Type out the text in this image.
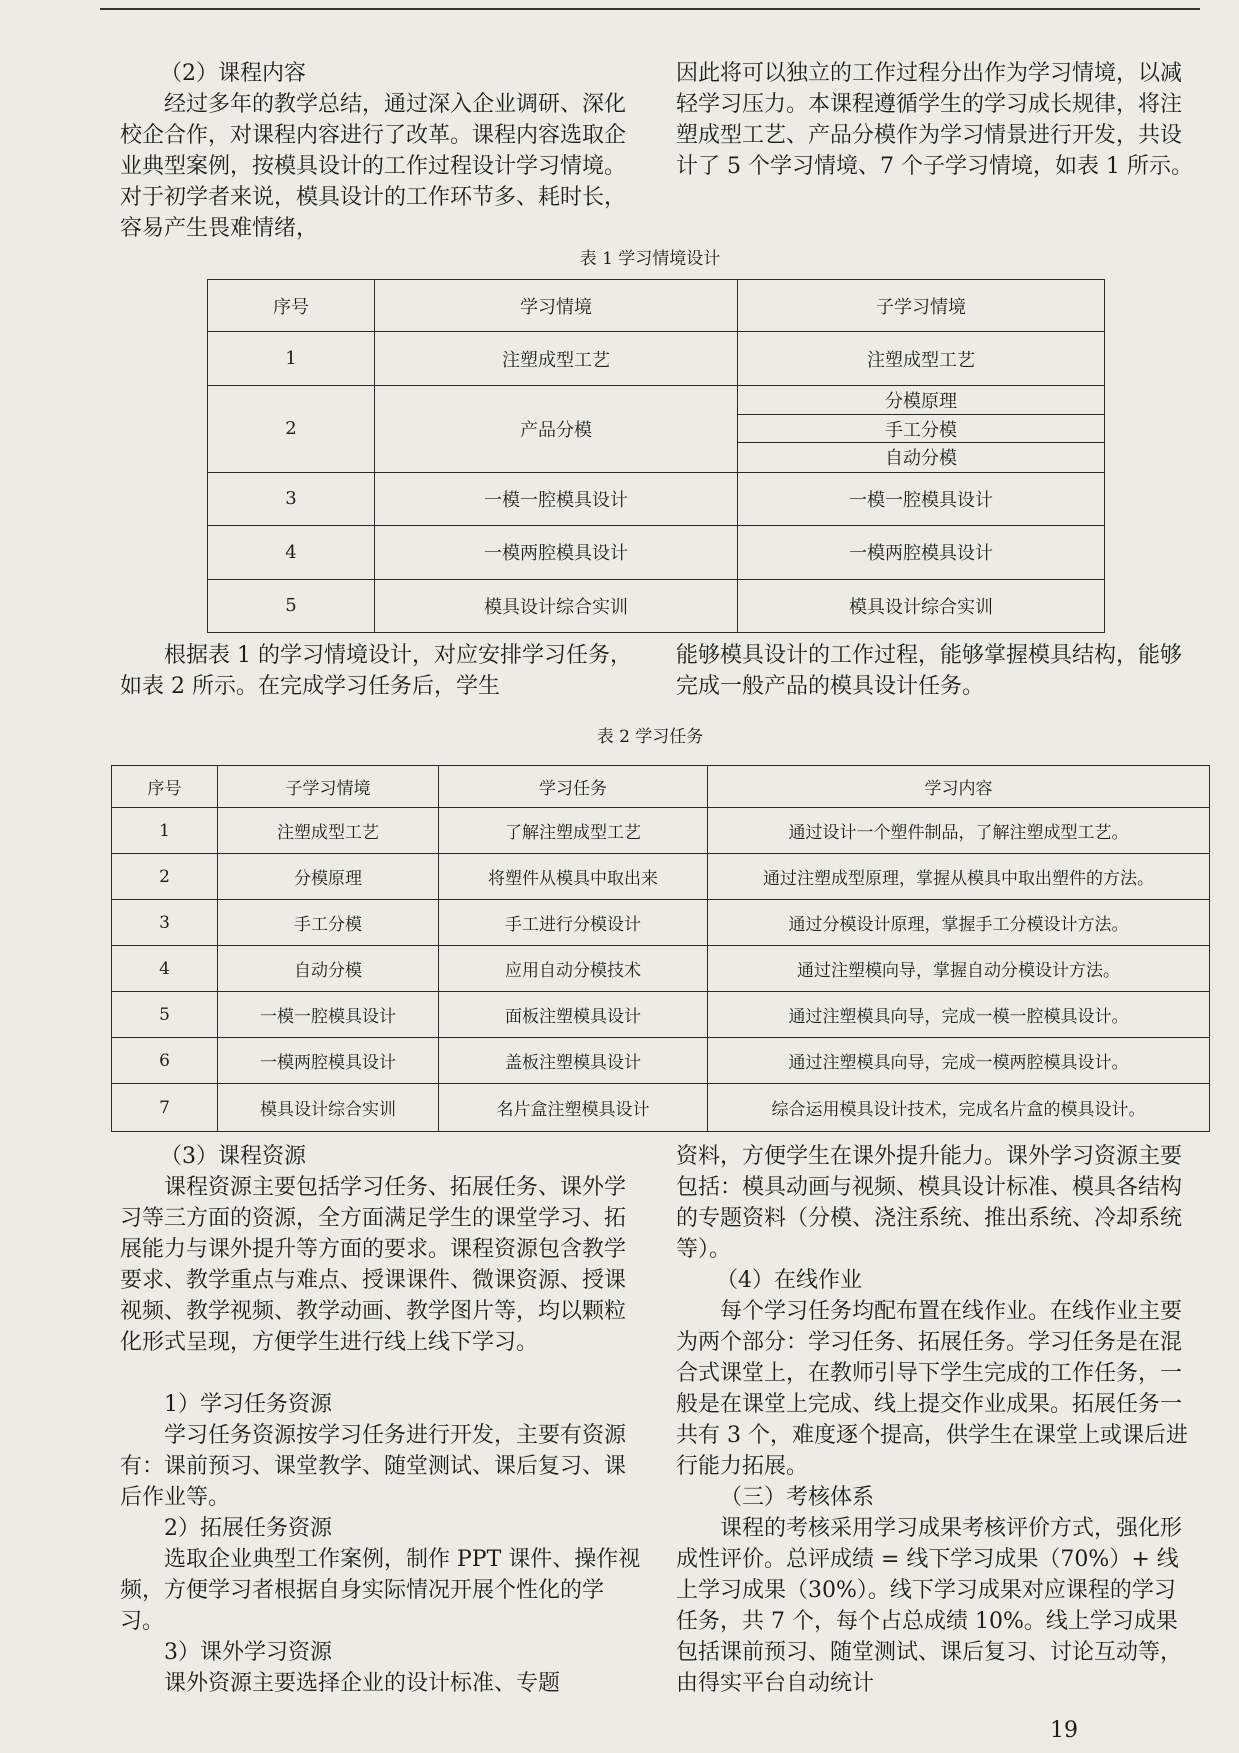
（2）课程内容

经过多年的教学总结，通过深入企业调研、深化校企合作，对课程内容进行了改革。课程内容选取企业典型案例，按模具设计的工作过程设计学习情境。对于初学者来说，模具设计的工作环节多、耗时长，容易产生畏难情绪，

因此将可以独立的工作过程分出作为学习情境，以减轻学习压力。本课程遵循学生的学习成长规律，将注塑成型工艺、产品分模作为学习情景进行开发，共设计了 5 个学习情境、7 个子学习情境，如表 1 所示。

表 1 学习情境设计
序号	学习情境	子学习情境
1	注塑成型工艺	注塑成型工艺
2	产品分模	分模原理
		手工分模
		自动分模
3	一模一腔模具设计	一模一腔模具设计
4	一模两腔模具设计	一模两腔模具设计
5	模具设计综合实训	模具设计综合实训

根据表 1 的学习情境设计，对应安排学习任务，如表 2 所示。在完成学习任务后，学生

能够模具设计的工作过程，能够掌握模具结构，能够完成一般产品的模具设计任务。

表 2 学习任务
序号	子学习情境	学习任务	学习内容
1	注塑成型工艺	了解注塑成型工艺	通过设计一个塑件制品，了解注塑成型工艺。
2	分模原理	将塑件从模具中取出来	通过注塑成型原理，掌握从模具中取出塑件的方法。
3	手工分模	手工进行分模设计	通过分模设计原理，掌握手工分模设计方法。
4	自动分模	应用自动分模技术	通过注塑模向导，掌握自动分模设计方法。
5	一模一腔模具设计	面板注塑模具设计	通过注塑模具向导，完成一模一腔模具设计。
6	一模两腔模具设计	盖板注塑模具设计	通过注塑模具向导，完成一模两腔模具设计。
7	模具设计综合实训	名片盒注塑模具设计	综合运用模具设计技术，完成名片盒的模具设计。

（3）课程资源

课程资源主要包括学习任务、拓展任务、课外学习等三方面的资源，全方面满足学生的课堂学习、拓展能力与课外提升等方面的要求。课程资源包含教学要求、教学重点与难点、授课课件、微课资源、授课视频、教学视频、教学动画、教学图片等，均以颗粒化形式呈现，方便学生进行线上线下学习。

1）学习任务资源

学习任务资源按学习任务进行开发，主要有资源有：课前预习、课堂教学、随堂测试、课后复习、课后作业等。

2）拓展任务资源

选取企业典型工作案例，制作 PPT 课件、操作视频，方便学习者根据自身实际情况开展个性化的学习。

3）课外学习资源

课外资源主要选择企业的设计标准、专题

资料，方便学生在课外提升能力。课外学习资源主要包括：模具动画与视频、模具设计标准、模具各结构的专题资料（分模、浇注系统、推出系统、冷却系统等）。

（4）在线作业

每个学习任务均配布置在线作业。在线作业主要为两个部分：学习任务、拓展任务。学习任务是在混合式课堂上，在教师引导下学生完成的工作任务，一般是在课堂上完成、线上提交作业成果。拓展任务一共有 3 个，难度逐个提高，供学生在课堂上或课后进行能力拓展。

（三）考核体系

课程的考核采用学习成果考核评价方式，强化形成性评价。总评成绩 = 线下学习成果（70%）+ 线上学习成果（30%）。线下学习成果对应课程的学习任务，共 7 个，每个占总成绩 10%。线上学习成果包括课前预习、随堂测试、课后复习、讨论互动等，由得实平台自动统计

19
